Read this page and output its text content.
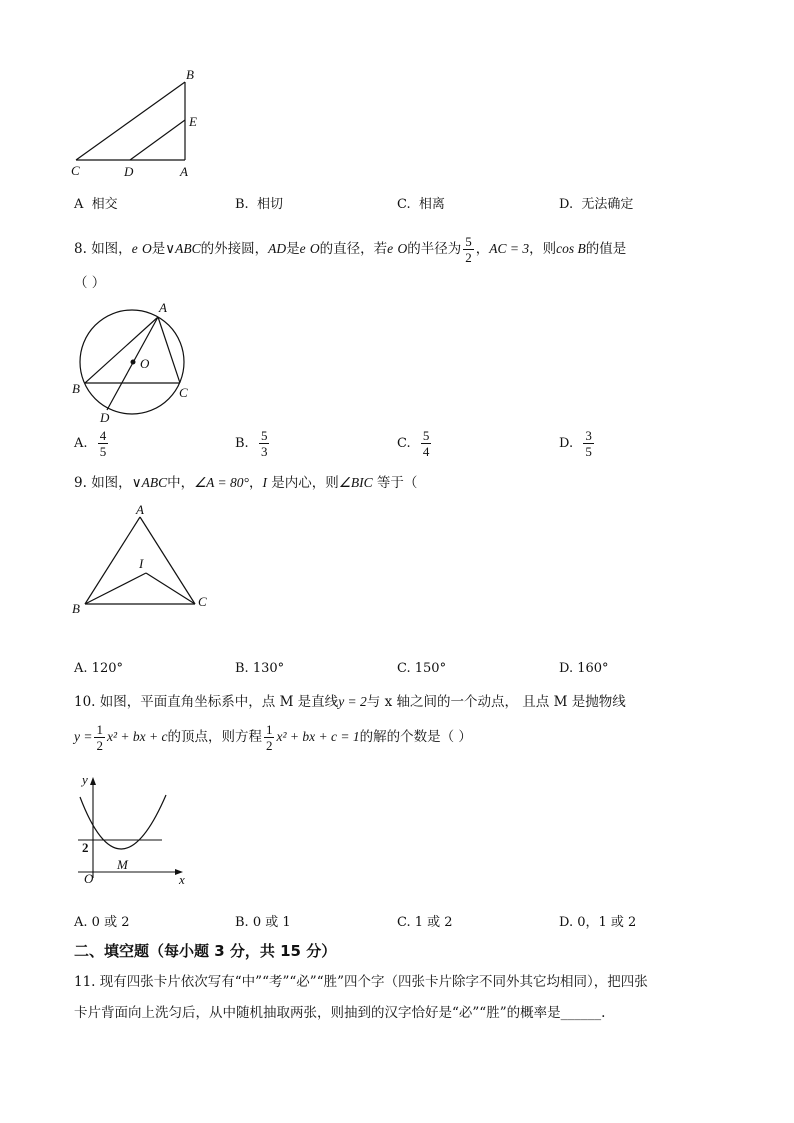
B
E
C	D	A
A 相交	B. 相切	C. 相离	D. 无法确定
8. 如图，e O是∨ABC的外接圆，AD是e O的直径，若e O的半径为 $\frac{5}{2}$ ，AC = 3，则cos B的值是
（ ）
A
O
B	C
D
A. $\frac{4}{5}$	B. $\frac{5}{3}$	C. $\frac{5}{4}$	D. $\frac{3}{5}$
9. 如图，∨ABC中，∠A = 80°，I 是内心，则∠BIC 等于（
A
I
B	C
A. 120°	B. 130°	C. 150°	D. 160°
10. 如图，平面直角坐标系中，点 M 是直线y = 2与 x 轴之间的一个动点， 且点 M 是抛物线
$y = \frac{1}{2} x^2$ + bx + c的顶点，则方程 $\frac{1}{2} x^2$ + bx + c = 1的解的个数是（ ）
y
2
M
O	x
A. 0 或 2	B. 0 或 1	C. 1 或 2	D. 0，1 或 2
二、填空题（每小题 3 分，共 15 分）
11. 现有四张卡片依次写有“中”“考”“必”“胜”四个字（四张卡片除字不同外其它均相同），把四张
卡片背面向上洗匀后，从中随机抽取两张，则抽到的汉字恰好是“必”“胜”的概率是______.
